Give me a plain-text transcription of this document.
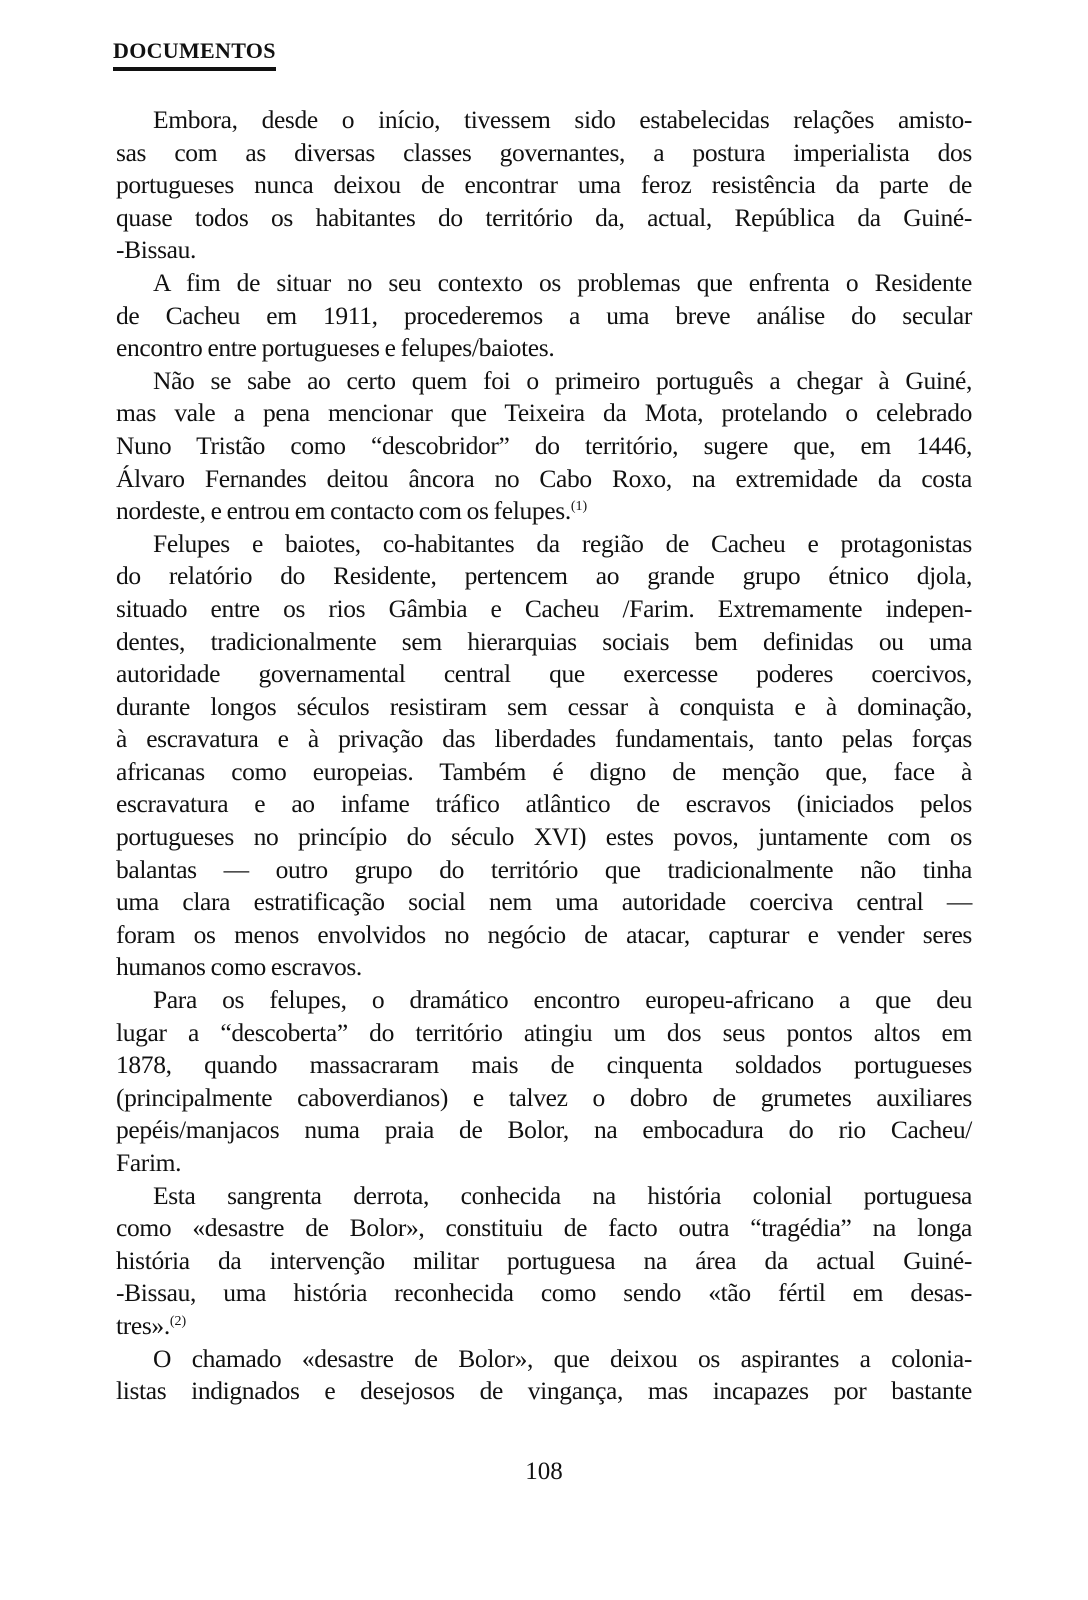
DOCUMENTOS
Embora, desde o início, tivessem sido estabelecidas relações amisto-
sas com as diversas classes governantes, a postura imperialista dos
portugueses nunca deixou de encontrar uma feroz resistência da parte de
quase todos os habitantes do território da, actual, República da Guiné-
-Bissau.
A fim de situar no seu contexto os problemas que enfrenta o Residente
de Cacheu em 1911, procederemos a uma breve análise do secular
encontro entre portugueses e felupes/baiotes.
Não se sabe ao certo quem foi o primeiro português a chegar à Guiné,
mas vale a pena mencionar que Teixeira da Mota, protelando o celebrado
Nuno Tristão como “descobridor” do território, sugere que, em 1446,
Álvaro Fernandes deitou âncora no Cabo Roxo, na extremidade da costa
nordeste, e entrou em contacto com os felupes.$^{(1)}$
Felupes e baiotes, co-habitantes da região de Cacheu e protagonistas
do relatório do Residente, pertencem ao grande grupo étnico djola,
situado entre os rios Gâmbia e Cacheu /Farim. Extremamente indepen-
dentes, tradicionalmente sem hierarquias sociais bem definidas ou uma
autoridade governamental central que exercesse poderes coercivos,
durante longos séculos resistiram sem cessar à conquista e à dominação,
à escravatura e à privação das liberdades fundamentais, tanto pelas forças
africanas como europeias. Também é digno de menção que, face à
escravatura e ao infame tráfico atlântico de escravos (iniciados pelos
portugueses no princípio do século XVI) estes povos, juntamente com os
balantas — outro grupo do território que tradicionalmente não tinha
uma clara estratificação social nem uma autoridade coerciva central —
foram os menos envolvidos no negócio de atacar, capturar e vender seres
humanos como escravos.
Para os felupes, o dramático encontro europeu-africano a que deu
lugar a “descoberta” do território atingiu um dos seus pontos altos em
1878, quando massacraram mais de cinquenta soldados portugueses
(principalmente caboverdianos) e talvez o dobro de grumetes auxiliares
pepéis/manjacos numa praia de Bolor, na embocadura do rio Cacheu/
Farim.
Esta sangrenta derrota, conhecida na história colonial portuguesa
como «desastre de Bolor», constituiu de facto outra “tragédia” na longa
história da intervenção militar portuguesa na área da actual Guiné-
-Bissau, uma história reconhecida como sendo «tão fértil em desas-
tres».$^{(2)}$
O chamado «desastre de Bolor», que deixou os aspirantes a colonia-
listas indignados e desejosos de vingança, mas incapazes por bastante
108
